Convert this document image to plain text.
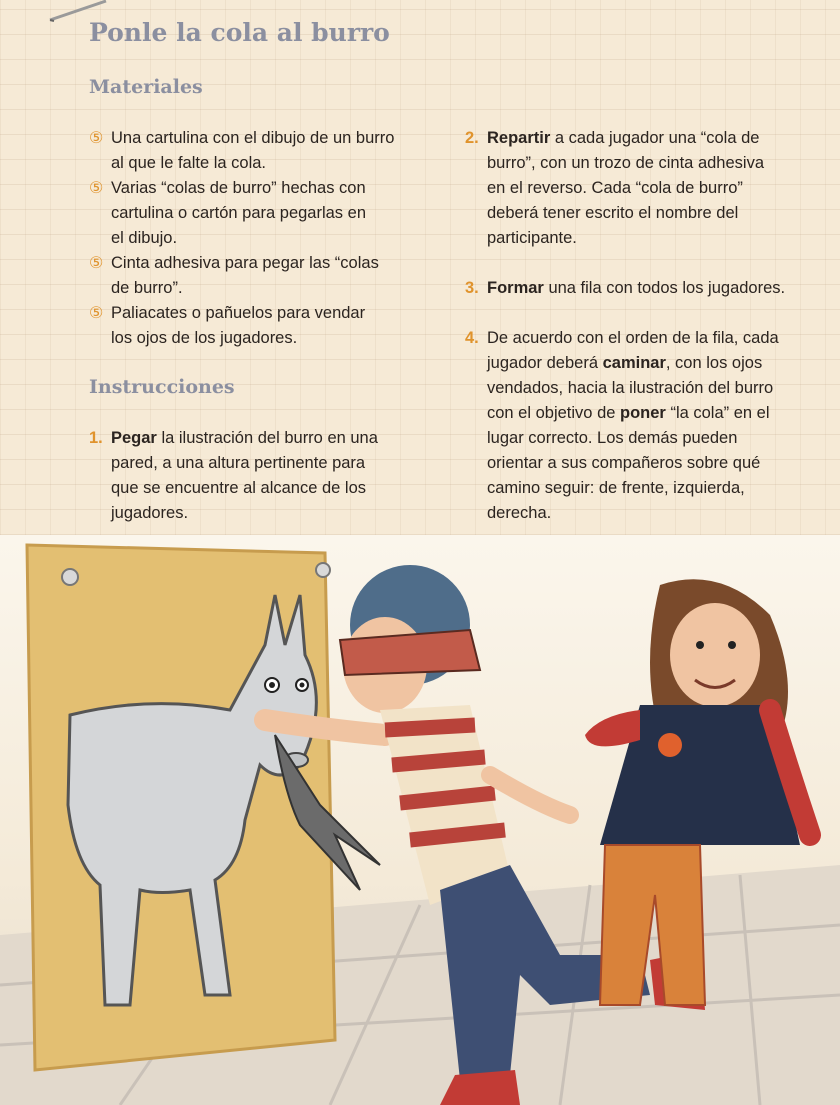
Ponle la cola al burro
Materiales
⑤ Una cartulina con el dibujo de un burro
al que le falte la cola.
⑤ Varias “colas de burro” hechas con
cartulina o cartón para pegarlas en
el dibujo.
⑤ Cinta adhesiva para pegar las “colas
de burro”.
⑤ Paliacates o pañuelos para vendar
los ojos de los jugadores.
Instrucciones
1. Pegar la ilustración del burro en una
pared, a una altura pertinente para
que se encuentre al alcance de los
jugadores.
2. Repartir a cada jugador una “cola de
burro”, con un trozo de cinta adhesiva
en el reverso. Cada “cola de burro”
deberá tener escrito el nombre del
participante.
3. Formar una fila con todos los jugadores.
4. De acuerdo con el orden de la fila, cada
jugador deberá caminar, con los ojos
vendados, hacia la ilustración del burro
con el objetivo de poner “la cola” en el
lugar correcto. Los demás pueden
orientar a sus compañeros sobre qué
camino seguir: de frente, izquierda,
derecha.
